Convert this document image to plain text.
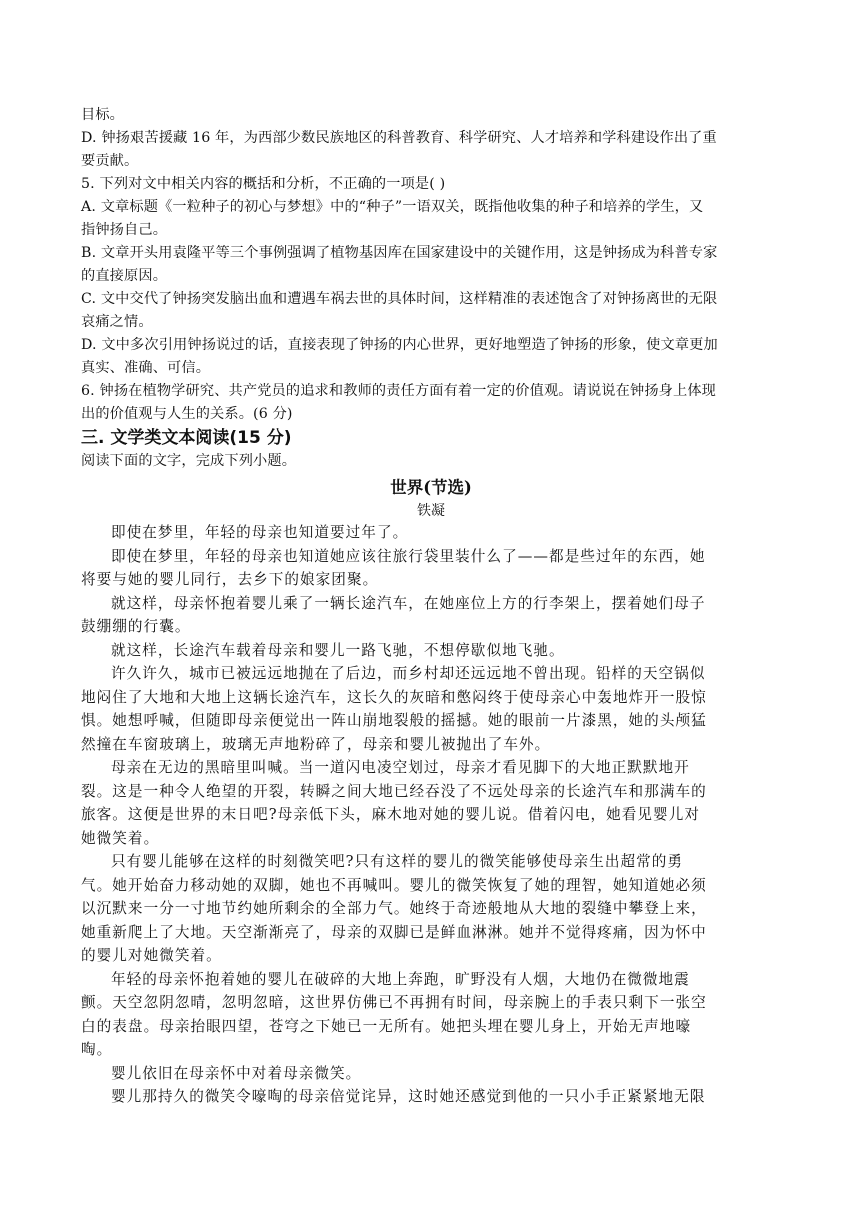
目标。
D. 钟扬艰苦援藏 16 年，为西部少数民族地区的科普教育、科学研究、人才培养和学科建设作出了重
要贡献。
5. 下列对文中相关内容的概括和分析，不正确的一项是( )
A. 文章标题《一粒种子的初心与梦想》中的“种子”一语双关，既指他收集的种子和培养的学生，又
指钟扬自己。
B. 文章开头用袁隆平等三个事例强调了植物基因库在国家建设中的关键作用，这是钟扬成为科普专家
的直接原因。
C. 文中交代了钟扬突发脑出血和遭遇车祸去世的具体时间，这样精准的表述饱含了对钟扬离世的无限
哀痛之情。
D. 文中多次引用钟扬说过的话，直接表现了钟扬的内心世界，更好地塑造了钟扬的形象，使文章更加
真实、准确、可信。
6. 钟扬在植物学研究、共产党员的追求和教师的责任方面有着一定的价值观。请说说在钟扬身上体现
出的价值观与人生的关系。(6 分)
三. 文学类文本阅读(15 分)
阅读下面的文字，完成下列小题。
世界(节选)
铁凝
即使在梦里，年轻的母亲也知道要过年了。
即使在梦里，年轻的母亲也知道她应该往旅行袋里装什么了——都是些过年的东西，她
将要与她的婴儿同行，去乡下的娘家团聚。
就这样，母亲怀抱着婴儿乘了一辆长途汽车，在她座位上方的行李架上，摆着她们母子
鼓绷绷的行囊。
就这样，长途汽车载着母亲和婴儿一路飞驰，不想停歇似地飞驰。
许久许久，城市已被远远地抛在了后边，而乡村却还远远地不曾出现。铅样的天空锅似
地闷住了大地和大地上这辆长途汽车，这长久的灰暗和憋闷终于使母亲心中轰地炸开一股惊
惧。她想呼喊，但随即母亲便觉出一阵山崩地裂般的摇撼。她的眼前一片漆黑，她的头颅猛
然撞在车窗玻璃上，玻璃无声地粉碎了，母亲和婴儿被抛出了车外。
母亲在无边的黑暗里叫喊。当一道闪电凌空划过，母亲才看见脚下的大地正默默地开
裂。这是一种令人绝望的开裂，转瞬之间大地已经吞没了不远处母亲的长途汽车和那满车的
旅客。这便是世界的末日吧?母亲低下头，麻木地对她的婴儿说。借着闪电，她看见婴儿对
她微笑着。
只有婴儿能够在这样的时刻微笑吧?只有这样的婴儿的微笑能够使母亲生出超常的勇
气。她开始奋力移动她的双脚，她也不再喊叫。婴儿的微笑恢复了她的理智，她知道她必须
以沉默来一分一寸地节约她所剩余的全部力气。她终于奇迹般地从大地的裂缝中攀登上来，
她重新爬上了大地。天空渐渐亮了，母亲的双脚已是鲜血淋淋。她并不觉得疼痛，因为怀中
的婴儿对她微笑着。
年轻的母亲怀抱着她的婴儿在破碎的大地上奔跑，旷野没有人烟，大地仍在微微地震
颤。天空忽阴忽晴，忽明忽暗，这世界仿佛已不再拥有时间，母亲腕上的手表只剩下一张空
白的表盘。母亲抬眼四望，苍穹之下她已一无所有。她把头埋在婴儿身上，开始无声地嚎
啕。
婴儿依旧在母亲怀中对着母亲微笑。
婴儿那持久的微笑令嚎啕的母亲倍觉诧异，这时她还感觉到他的一只小手正紧紧地无限
